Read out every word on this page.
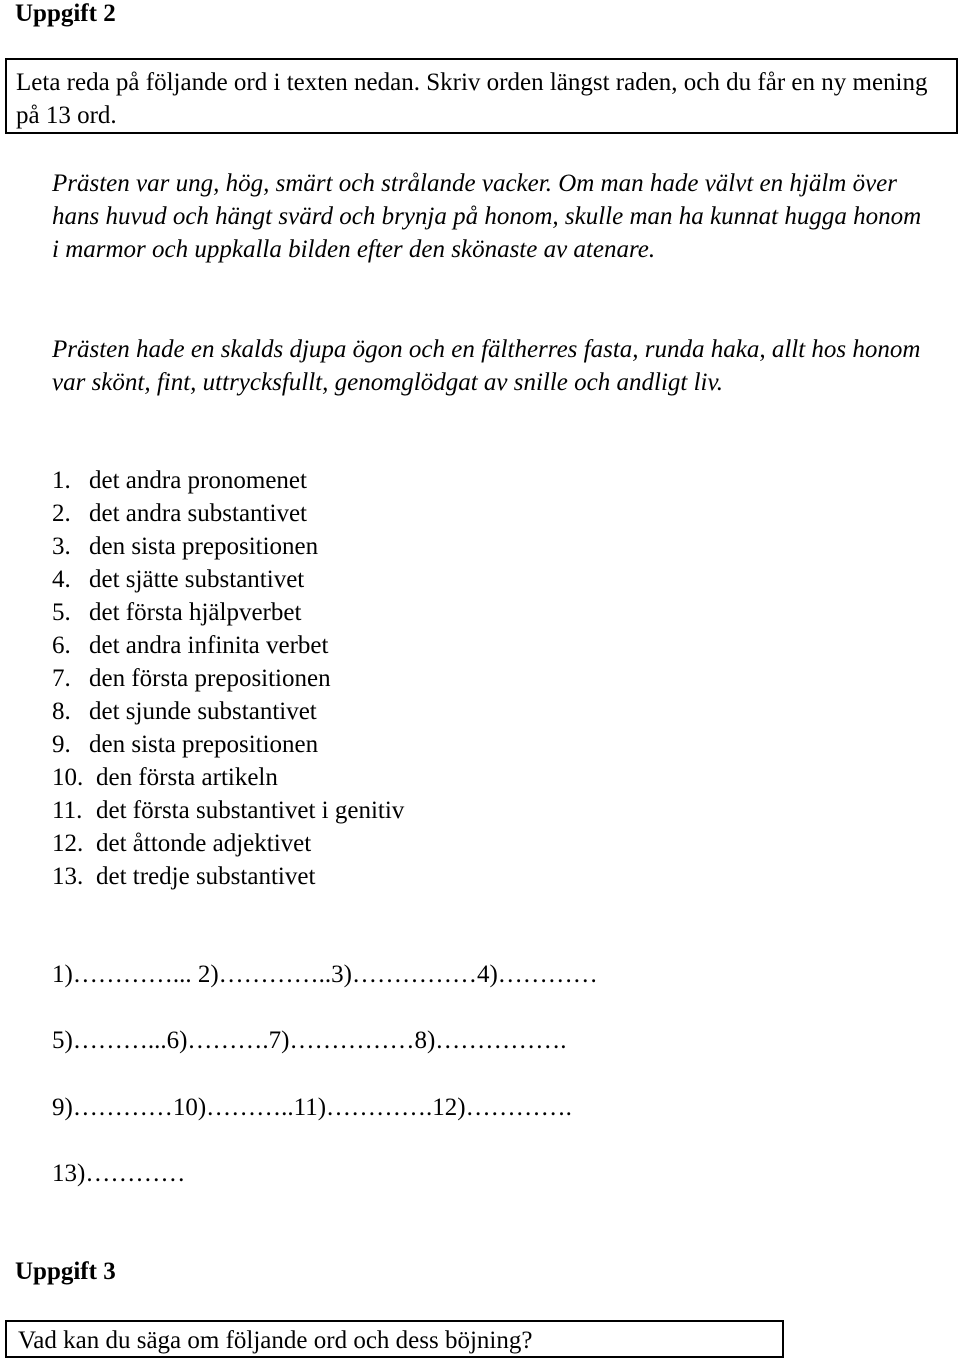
Uppgift 2
Leta reda på följande ord i texten nedan. Skriv orden längst raden, och du får en ny mening på 13 ord.

Prästen var ung, hög, smärt och strålande vacker. Om man hade välvt en hjälm över hans huvud och hängt svärd och brynja på honom, skulle man ha kunnat hugga honom i marmor och uppkalla bilden efter den skönaste av atenare.

Prästen hade en skalds djupa ögon och en fältherres fasta, runda haka, allt hos honom var skönt, fint, uttrycksfullt, genomglödgat av snille och andligt liv.

1. det andra pronomenet
2. det andra substantivet
3. den sista prepositionen
4. det sjätte substantivet
5. det första hjälpverbet
6. det andra infinita verbet
7. den första prepositionen
8. det sjunde substantivet
9. den sista prepositionen
10. den första artikeln
11. det första substantivet i genitiv
12. det åttonde adjektivet
13. det tredje substantivet

1)…………... 2)…………..3)……………4)…………

5)………...6)……….7)……………8)…………….

9)…………10)………..11)………….12)………….

13)…………

Uppgift 3
Vad kan du säga om följande ord och dess böjning?
